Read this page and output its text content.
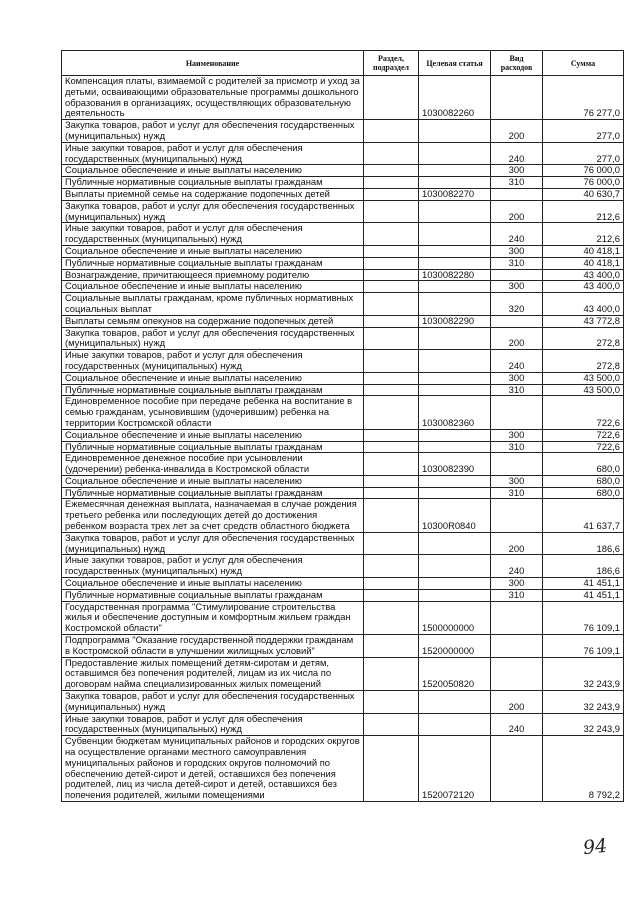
Наименование	Раздел, подраздел	Целевая статья	Вид расходов	Сумма
Компенсация платы, взимаемой с родителей за присмотр и уход за детьми, осваивающими образовательные программы дошкольного образования в организациях, осуществляющих образовательную деятельность		1030082260		76 277,0
Закупка товаров, работ и услуг для обеспечения государственных (муниципальных) нужд			200	277,0
Иные закупки товаров, работ и услуг для обеспечения государственных (муниципальных) нужд			240	277,0
Социальное обеспечение и иные выплаты населению			300	76 000,0
Публичные нормативные социальные выплаты гражданам			310	76 000,0
Выплаты приемной семье на содержание подопечных детей		1030082270		40 630,7
Закупка товаров, работ и услуг для обеспечения государственных (муниципальных) нужд			200	212,6
Иные закупки товаров, работ и услуг для обеспечения государственных (муниципальных) нужд			240	212,6
Социальное обеспечение и иные выплаты населению			300	40 418,1
Публичные нормативные социальные выплаты гражданам			310	40 418,1
Вознаграждение, причитающееся приемному родителю		1030082280		43 400,0
Социальное обеспечение и иные выплаты населению			300	43 400,0
Социальные выплаты гражданам, кроме публичных нормативных социальных выплат			320	43 400,0
Выплаты семьям опекунов на содержание подопечных детей		1030082290		43 772,8
Закупка товаров, работ и услуг для обеспечения государственных (муниципальных) нужд			200	272,8
Иные закупки товаров, работ и услуг для обеспечения государственных (муниципальных) нужд			240	272,8
Социальное обеспечение и иные выплаты населению			300	43 500,0
Публичные нормативные социальные выплаты гражданам			310	43 500,0
Единовременное пособие при передаче ребенка на воспитание в семью гражданам, усыновившим (удочерившим) ребенка на территории Костромской области		1030082360		722,6
Социальное обеспечение и иные выплаты населению			300	722,6
Публичные нормативные социальные выплаты гражданам			310	722,6
Единовременное денежное пособие при усыновлении (удочерении) ребенка-инвалида в Костромской области		1030082390		680,0
Социальное обеспечение и иные выплаты населению			300	680,0
Публичные нормативные социальные выплаты гражданам			310	680,0
Ежемесячная денежная выплата, назначаемая в случае рождения третьего ребенка или последующих детей до достижения ребенком возраста трех лет за счет средств областного бюджета		10300R0840		41 637,7
Закупка товаров, работ и услуг для обеспечения государственных (муниципальных) нужд			200	186,6
Иные закупки товаров, работ и услуг для обеспечения государственных (муниципальных) нужд			240	186,6
Социальное обеспечение и иные выплаты населению			300	41 451,1
Публичные нормативные социальные выплаты гражданам			310	41 451,1
Государственная программа "Стимулирование строительства жилья и обеспечение доступным и комфортным жильем граждан Костромской области"		1500000000		76 109,1
Подпрограмма "Оказание государственной поддержки гражданам в Костромской области в улучшении жилищных условий"		1520000000		76 109,1
Предоставление жилых помещений детям-сиротам и детям, оставшимся без попечения родителей, лицам из их числа по договорам найма специализированных жилых помещений		1520050820		32 243,9
Закупка товаров, работ и услуг для обеспечения государственных (муниципальных) нужд			200	32 243,9
Иные закупки товаров, работ и услуг для обеспечения государственных (муниципальных) нужд			240	32 243,9
Субвенции бюджетам муниципальных районов и городских округов на осуществление органами местного самоуправления муниципальных районов и городских округов полномочий по обеспечению детей-сирот и детей, оставшихся без попечения родителей, лиц из числа детей-сирот и детей, оставшихся без попечения родителей, жилыми помещениями		1520072120		8 792,2
94
